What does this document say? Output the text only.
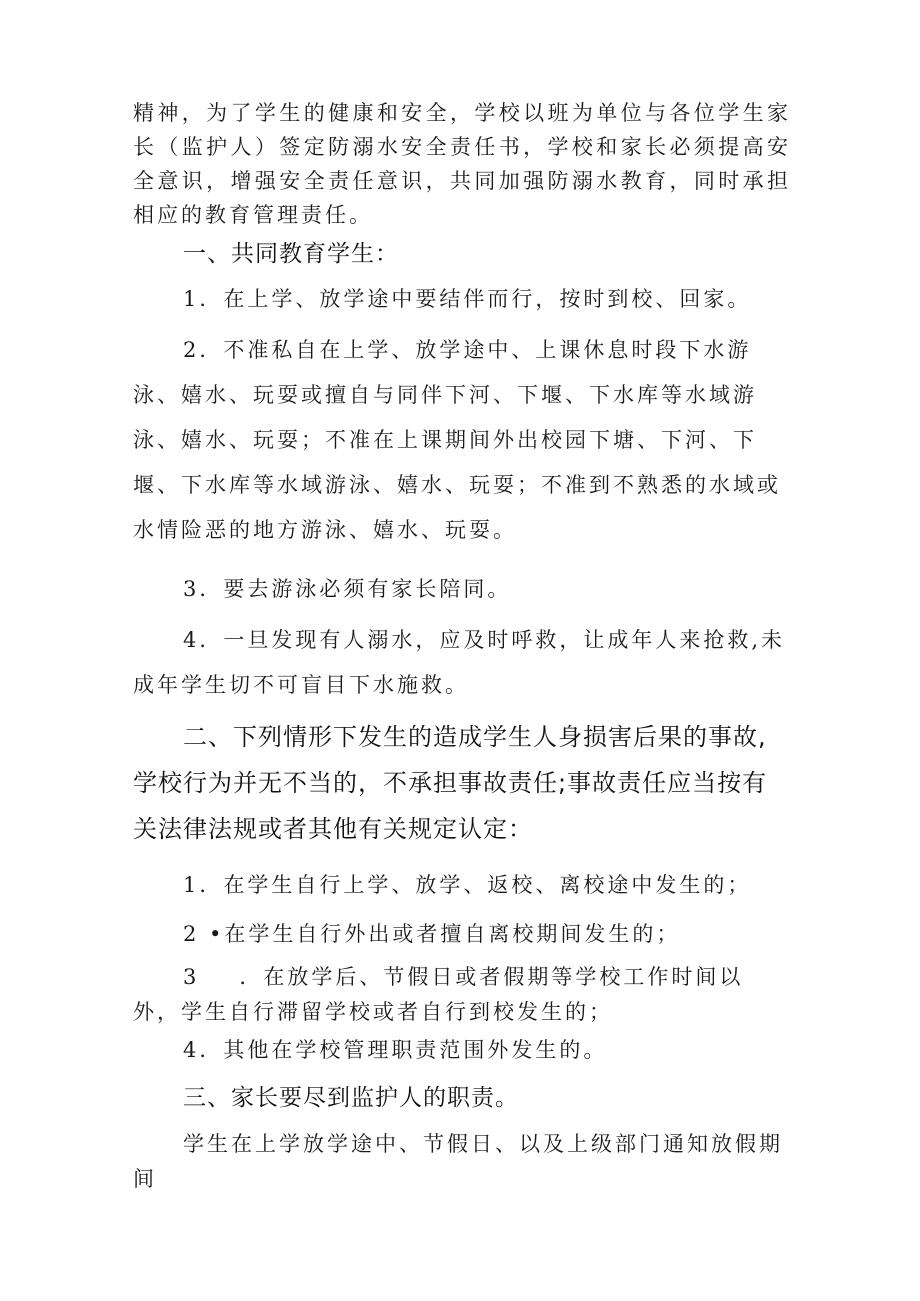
精神，为了学生的健康和安全，学校以班为单位与各位学生家长（监护人）签定防溺水安全责任书，学校和家长必须提高安全意识，增强安全责任意识，共同加强防溺水教育，同时承担相应的教育管理责任。

一、共同教育学生：

1．在上学、放学途中要结伴而行，按时到校、回家。

2．不准私自在上学、放学途中、上课休息时段下水游泳、嬉水、玩耍或擅自与同伴下河、下堰、下水库等水域游泳、嬉水、玩耍；不准在上课期间外出校园下塘、下河、下堰、下水库等水域游泳、嬉水、玩耍；不准到不熟悉的水域或水情险恶的地方游泳、嬉水、玩耍。

3．要去游泳必须有家长陪同。

4．一旦发现有人溺水，应及时呼救，让成年人来抢救,未成年学生切不可盲目下水施救。

二、下列情形下发生的造成学生人身损害后果的事故,学校行为并无不当的，不承担事故责任;事故责任应当按有关法律法规或者其他有关规定认定：

1．在学生自行上学、放学、返校、离校途中发生的；

2 •在学生自行外出或者擅自离校期间发生的；

3 ．在放学后、节假日或者假期等学校工作时间以外，学生自行滞留学校或者自行到校发生的；

4．其他在学校管理职责范围外发生的。

三、家长要尽到监护人的职责。

学生在上学放学途中、节假日、以及上级部门通知放假期间
